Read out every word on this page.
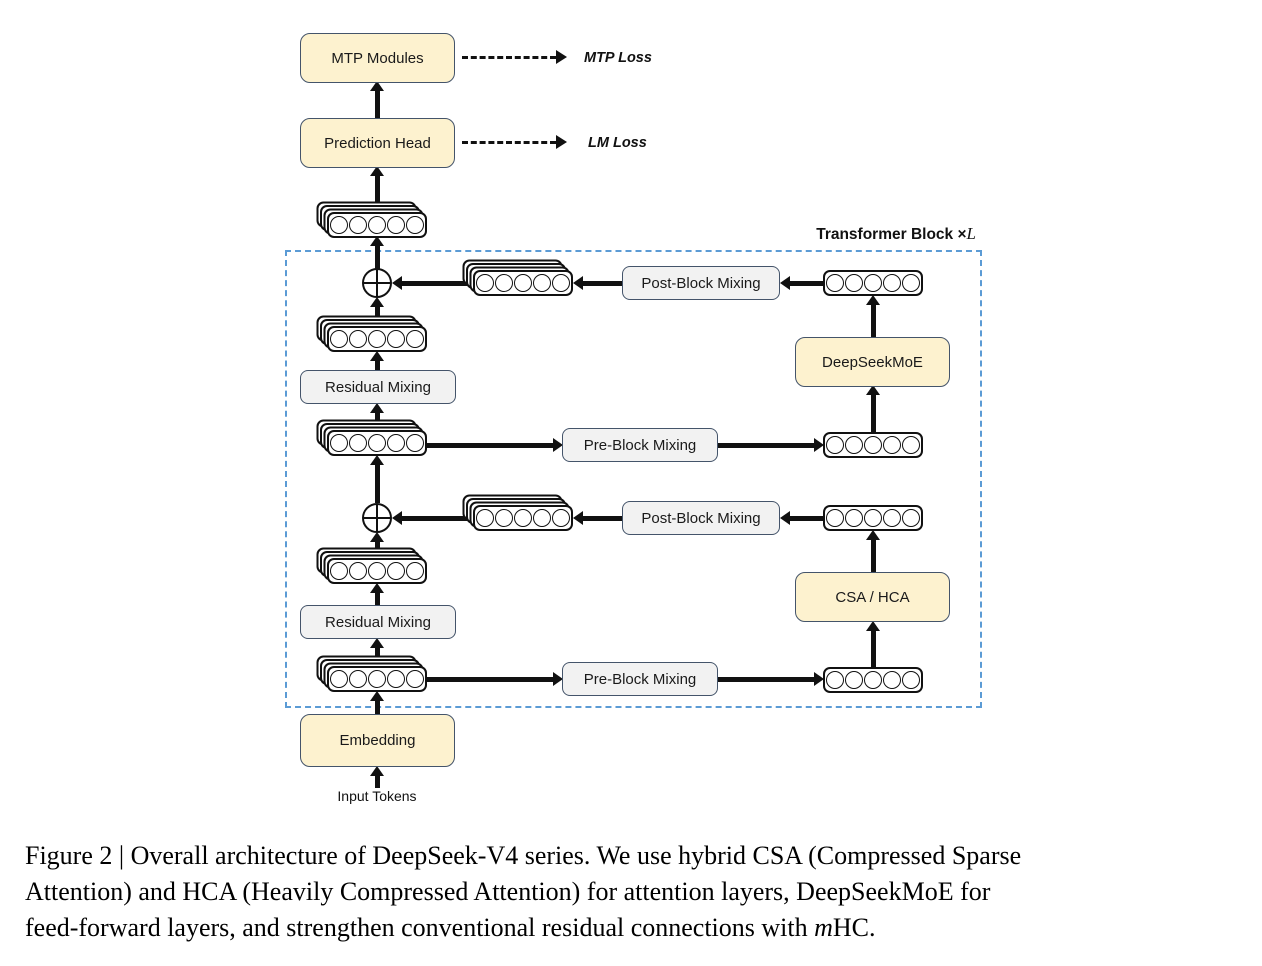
Transformer Block ×L
MTP Modules
Prediction Head
DeepSeekMoE
CSA / HCA
Embedding
Residual Mixing
Residual Mixing
Pre-Block Mixing
Pre-Block Mixing
Post-Block Mixing
Post-Block Mixing
MTP Loss
LM Loss
Input Tokens
Figure 2 | Overall architecture of DeepSeek-V4 series. We use hybrid CSA (Compressed Sparse
Attention) and HCA (Heavily Compressed Attention) for attention layers, DeepSeekMoE for
feed-forward layers, and strengthen conventional residual connections with mHC.
